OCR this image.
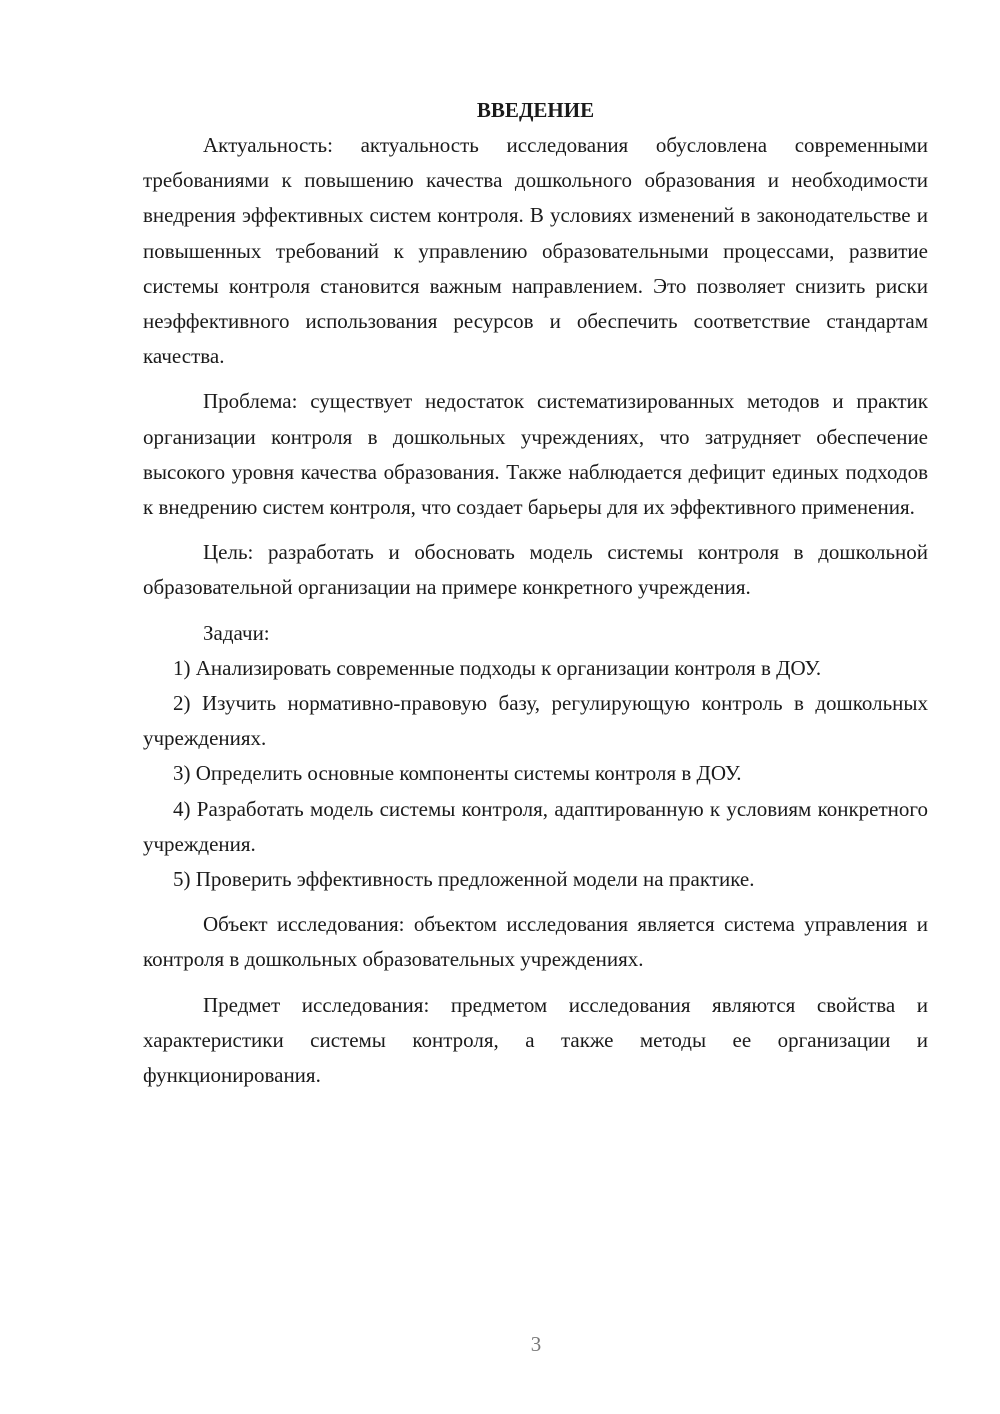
ВВЕДЕНИЕ

Актуальность: актуальность исследования обусловлена современными требованиями к повышению качества дошкольного образования и необходимости внедрения эффективных систем контроля. В условиях изменений в законодательстве и повышенных требований к управлению образовательными процессами, развитие системы контроля становится важным направлением. Это позволяет снизить риски неэффективного использования ресурсов и обеспечить соответствие стандартам качества.

Проблема: существует недостаток систематизированных методов и практик организации контроля в дошкольных учреждениях, что затрудняет обеспечение высокого уровня качества образования. Также наблюдается дефицит единых подходов к внедрению систем контроля, что создает барьеры для их эффективного применения.

Цель: разработать и обосновать модель системы контроля в дошкольной образовательной организации на примере конкретного учреждения.

Задачи:

1) Анализировать современные подходы к организации контроля в ДОУ.

2) Изучить нормативно-правовую базу, регулирующую контроль в дошкольных учреждениях.

3) Определить основные компоненты системы контроля в ДОУ.

4) Разработать модель системы контроля, адаптированную к условиям конкретного учреждения.

5) Проверить эффективность предложенной модели на практике.

Объект исследования: объектом исследования является система управления и контроля в дошкольных образовательных учреждениях.

Предмет исследования: предметом исследования являются свойства и характеристики системы контроля, а также методы ее организации и функционирования.

3
